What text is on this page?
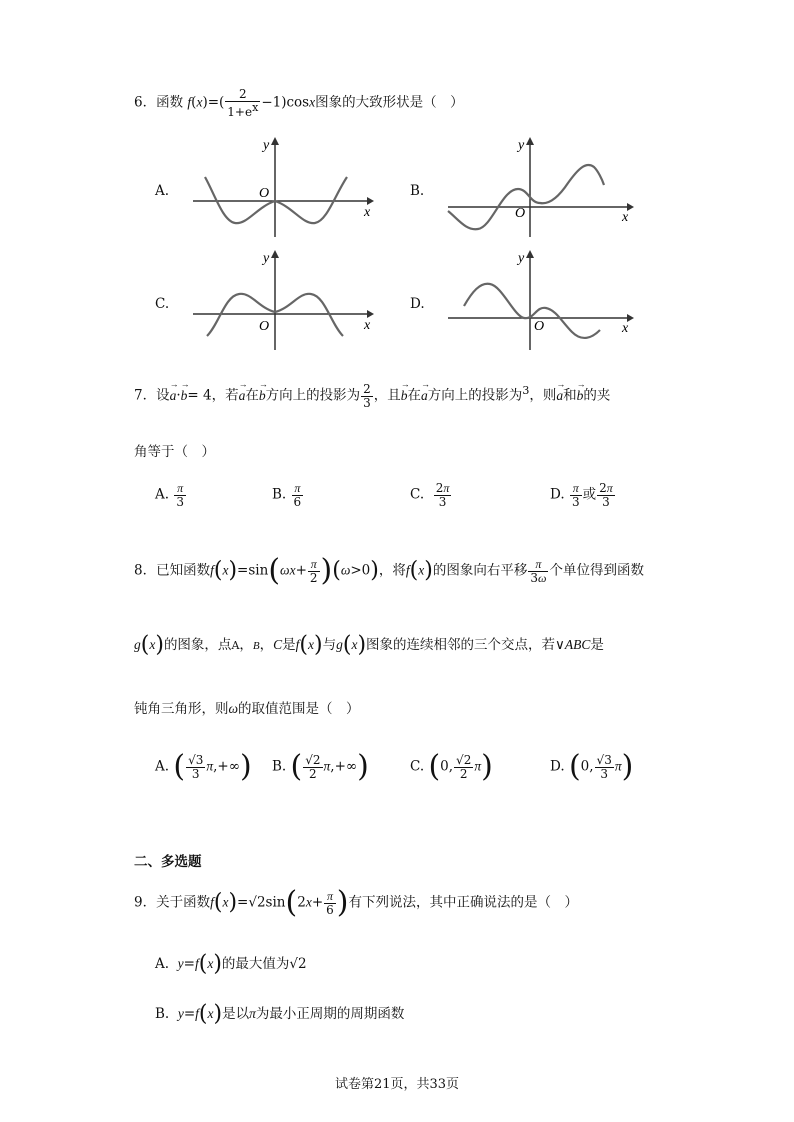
6．函数 $f(x)=( \frac{2}{1+e^x} -1)\cos x$图象的大致形状是（　）
A.
y
x
O	B.
y
x
O
C.
y
x
O
D.
y
x
O
7．设→ a·→ b= 4，若→ a在→ b方向上的投影为 $\frac{2}{3}$ ，且→ b在→ a方向上的投影为$^3$，则→ a和→ b的夹
角等于（　）
A. $\frac{\pi}{3}$	B. $\frac{\pi}{6}$	C. $\frac{2\pi}{3}$	D. $\frac{\pi}{3}$ 或 $\frac{2\pi}{3}$
8．已知函数$f(x)=\sin(\omega x+ \frac{\pi}{2} )(\omega>0)$，将f(x)的图象向右平移 $\frac{\pi}{3\omega}$ 个单位得到函数
g(x)的图象，点A，B，C是f(x)与g(x)图象的连续相邻的三个交点，若∨ABC是
钝角三角形，则ω的取值范围是（　）
A. ( $\frac{√3}{3} \pi,+\infty$) B. ( $\frac{√2}{2} \pi,+\infty$)	C. (0, $\frac{√2}{2} \pi$)	D. (0, $\frac{√3}{3} \pi$)
二、多选题
9．关于函数$f(x)=√2\sin(2x+ \frac{\pi}{6}$ )有下列说法，其中正确说法的是（　）
A. y=f(x)的最大值为√2
B. y=f(x)是以π为最小正周期的周期函数
试卷第21页，共33页
